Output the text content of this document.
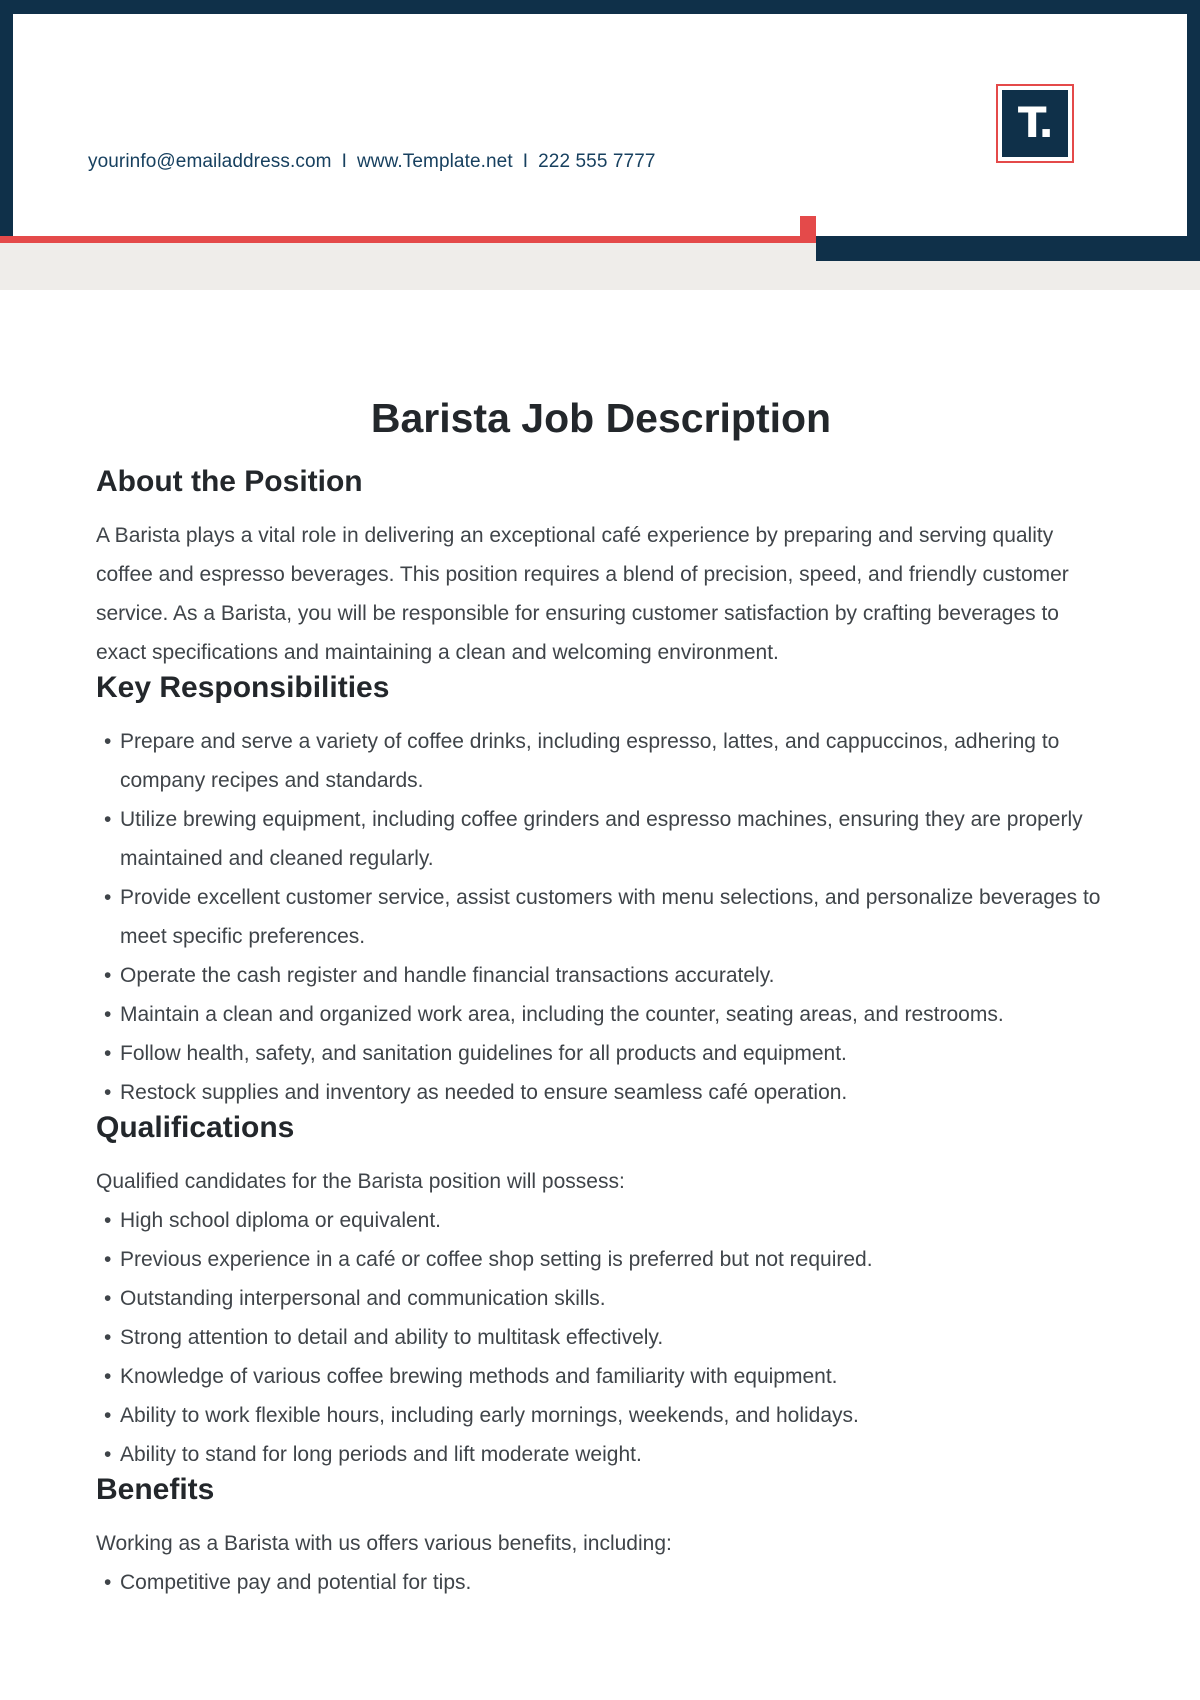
yourinfo@emailaddress.com I www.Template.net I 222 555 7777
T.
Barista Job Description
About the Position

A Barista plays a vital role in delivering an exceptional café experience by preparing and serving quality coffee and espresso beverages. This position requires a blend of precision, speed, and friendly customer service. As a Barista, you will be responsible for ensuring customer satisfaction by crafting beverages to exact specifications and maintaining a clean and welcoming environment.

Key Responsibilities
• Prepare and serve a variety of coffee drinks, including espresso, lattes, and cappuccinos, adhering to company recipes and standards.
• Utilize brewing equipment, including coffee grinders and espresso machines, ensuring they are properly maintained and cleaned regularly.
• Provide excellent customer service, assist customers with menu selections, and personalize beverages to meet specific preferences.
• Operate the cash register and handle financial transactions accurately.
• Maintain a clean and organized work area, including the counter, seating areas, and restrooms.
• Follow health, safety, and sanitation guidelines for all products and equipment.
• Restock supplies and inventory as needed to ensure seamless café operation.
Qualifications

Qualified candidates for the Barista position will possess:

• High school diploma or equivalent.
• Previous experience in a café or coffee shop setting is preferred but not required.
• Outstanding interpersonal and communication skills.
• Strong attention to detail and ability to multitask effectively.
• Knowledge of various coffee brewing methods and familiarity with equipment.
• Ability to work flexible hours, including early mornings, weekends, and holidays.
• Ability to stand for long periods and lift moderate weight.
Benefits

Working as a Barista with us offers various benefits, including:

• Competitive pay and potential for tips.
